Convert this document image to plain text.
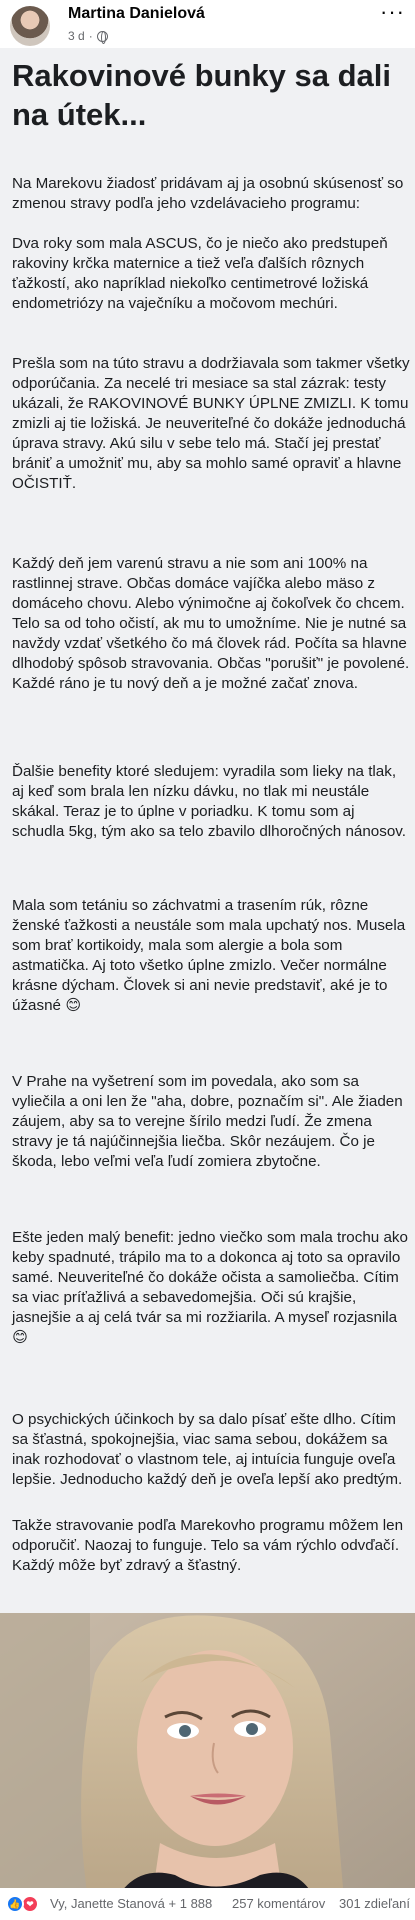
Martina Danielová
3 d ·
···
Rakovinové bunky sa dali na útek...
Na Marekovu žiadosť pridávam aj ja osobnú skúsenosť so zmenou stravy podľa jeho vzdelávacieho programu:
Dva roky som mala ASCUS, čo je niečo ako predstupeň rakoviny krčka maternice a tiež veľa ďalších rôznych ťažkostí, ako napríklad niekoľko centimetrové ložiská endometriózy na vaječníku a močovom mechúri.
Prešla som na túto stravu a dodržiavala som takmer všetky odporúčania. Za necelé tri mesiace sa stal zázrak: testy ukázali, že RAKOVINOVÉ BUNKY ÚPLNE ZMIZLI. K tomu zmizli aj tie ložiská. Je neuveriteľné čo dokáže jednoduchá úprava stravy. Akú silu v sebe telo má. Stačí jej prestať brániť a umožniť mu, aby sa mohlo samé opraviť a hlavne OČISTIŤ.
Každý deň jem varenú stravu a nie som ani 100% na rastlinnej strave. Občas domáce vajíčka alebo mäso z domáceho chovu. Alebo výnimočne aj čokoľvek čo chcem. Telo sa od toho očistí, ak mu to umožníme. Nie je nutné sa navždy vzdať všetkého čo má človek rád. Počíta sa hlavne dlhodobý spôsob stravovania. Občas "porušiť" je povolené. Každé ráno je tu nový deň a je možné začať znova.
Ďalšie benefity ktoré sledujem: vyradila som lieky na tlak, aj keď som brala len nízku dávku, no tlak mi neustále skákal. Teraz je to úplne v poriadku. K tomu som aj schudla 5kg, tým ako sa telo zbavilo dlhoročných nánosov.
Mala som tetániu so záchvatmi a trasením rúk, rôzne ženské ťažkosti a neustále som mala upchatý nos. Musela som brať kortikoidy, mala som alergie a bola som astmatička. Aj toto všetko úplne zmizlo. Večer normálne krásne dýcham. Človek si ani nevie predstaviť, aké je to úžasné 😊
V Prahe na vyšetrení som im povedala, ako som sa vyliečila a oni len že "aha, dobre, poznačím si". Ale žiaden záujem, aby sa to verejne šírilo medzi ľudí. Že zmena stravy je tá najúčinnejšia liečba. Skôr nezáujem. Čo je škoda, lebo veľmi veľa ľudí zomiera zbytočne.
Ešte jeden malý benefit: jedno viečko som mala trochu ako keby spadnuté, trápilo ma to a dokonca aj toto sa opravilo samé. Neuveriteľné čo dokáže očista a samoliečba. Cítim sa viac príťažlivá a sebavedomejšia. Oči sú krajšie, jasnejšie a aj celá tvár sa mi rozžiarila. A myseľ rozjasnila 😊
O psychických účinkoch by sa dalo písať ešte dlho. Cítim sa šťastná, spokojnejšia, viac sama sebou, dokážem sa inak rozhodovať o vlastnom tele, aj intuícia funguje oveľa lepšie. Jednoducho každý deň je oveľa lepší ako predtým.
Takže stravovanie podľa Marekovho programu môžem len odporučiť. Naozaj to funguje. Telo sa vám rýchlo odvďačí. Každý môže byť zdravý a šťastný.
👍 ❤	Vy, Janette Stanová + 1 888 257 komentárov 301 zdieľaní
